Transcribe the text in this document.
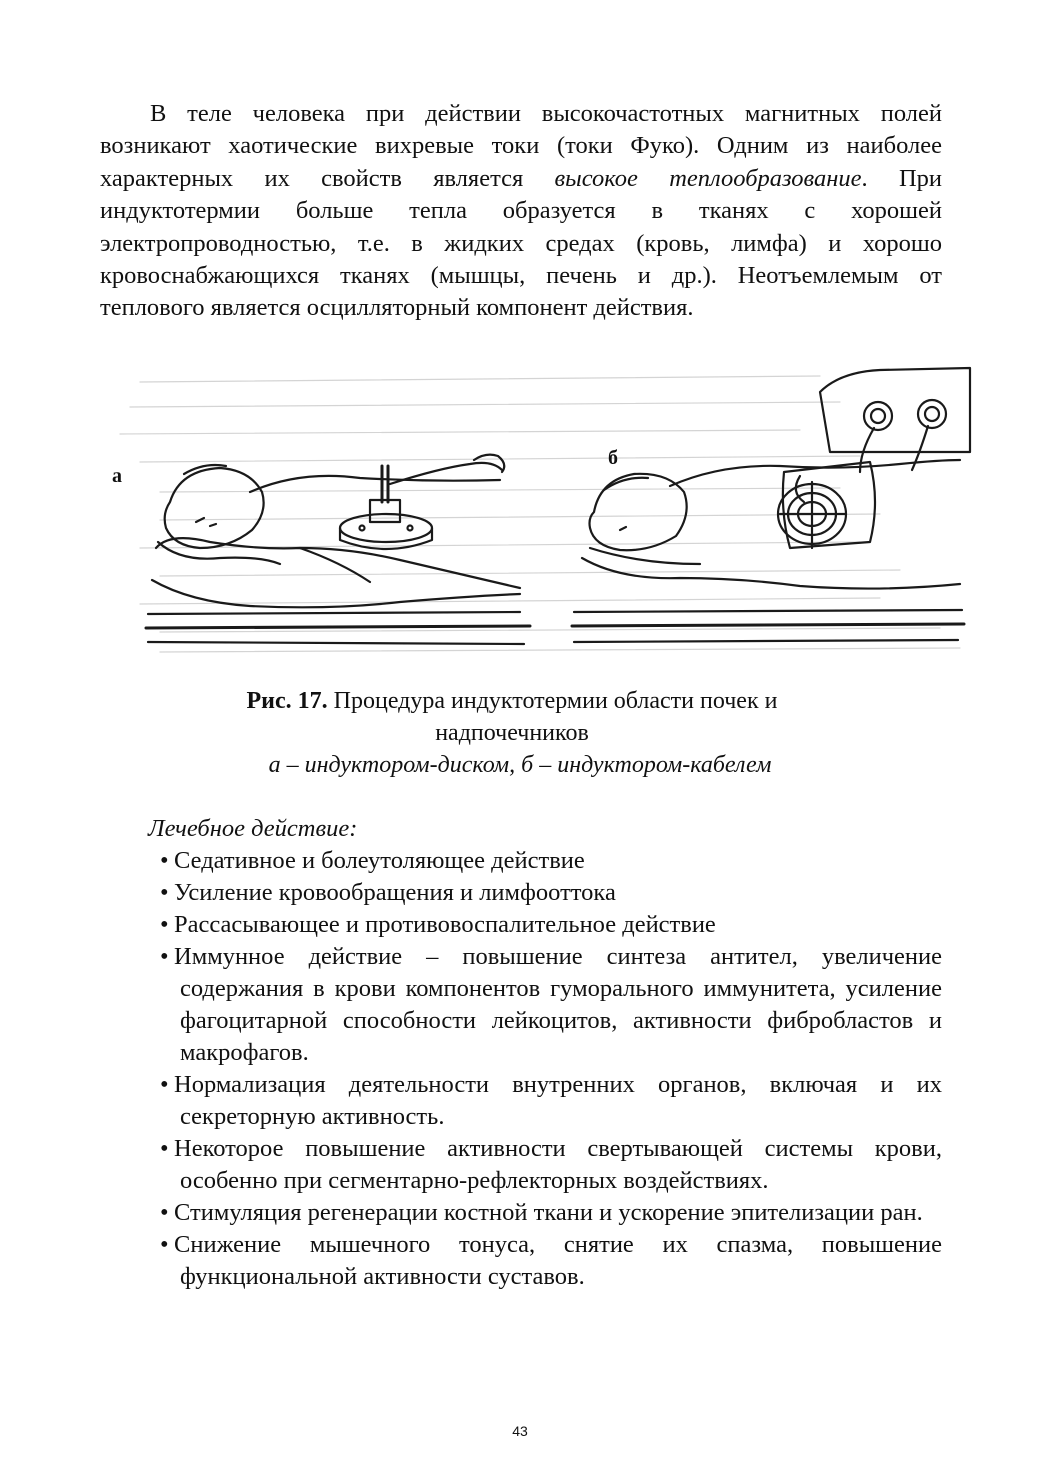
В теле человека при действии высокочастотных магнитных полей возникают хаотические вихревые токи (токи Фуко). Одним из наиболее характерных их свойств является высокое теплообразование. При индуктотермии больше тепла образуется в тканях с хорошей электропроводностью, т.е. в жидких средах (кровь, лимфа) и хорошо кровоснабжающихся тканях (мышцы, печень и др.). Неотъемлемым от теплового является осцилляторный компонент действия.
а
б
Рис. 17. Процедура индуктотермии области почек и
надпочечников
а – индуктором-диском, б – индуктором-кабелем
Лечебное действие:
• Седативное и болеутоляющее действие
• Усиление кровообращения и лимфооттока
• Рассасывающее и противовоспалительное действие
• Иммунное действие – повышение синтеза антител, увеличение содержания в крови компонентов гуморального иммунитета, усиление фагоцитарной способности лейкоцитов, активности фибробластов и макрофагов.
• Нормализация деятельности внутренних органов, включая и их секреторную активность.
• Некоторое повышение активности свертывающей системы крови, особенно при сегментарно-рефлекторных воздействиях.
• Стимуляция регенерации костной ткани и ускорение эпителизации ран.
• Снижение мышечного тонуса, снятие их спазма, повышение функциональной активности суставов.
43
